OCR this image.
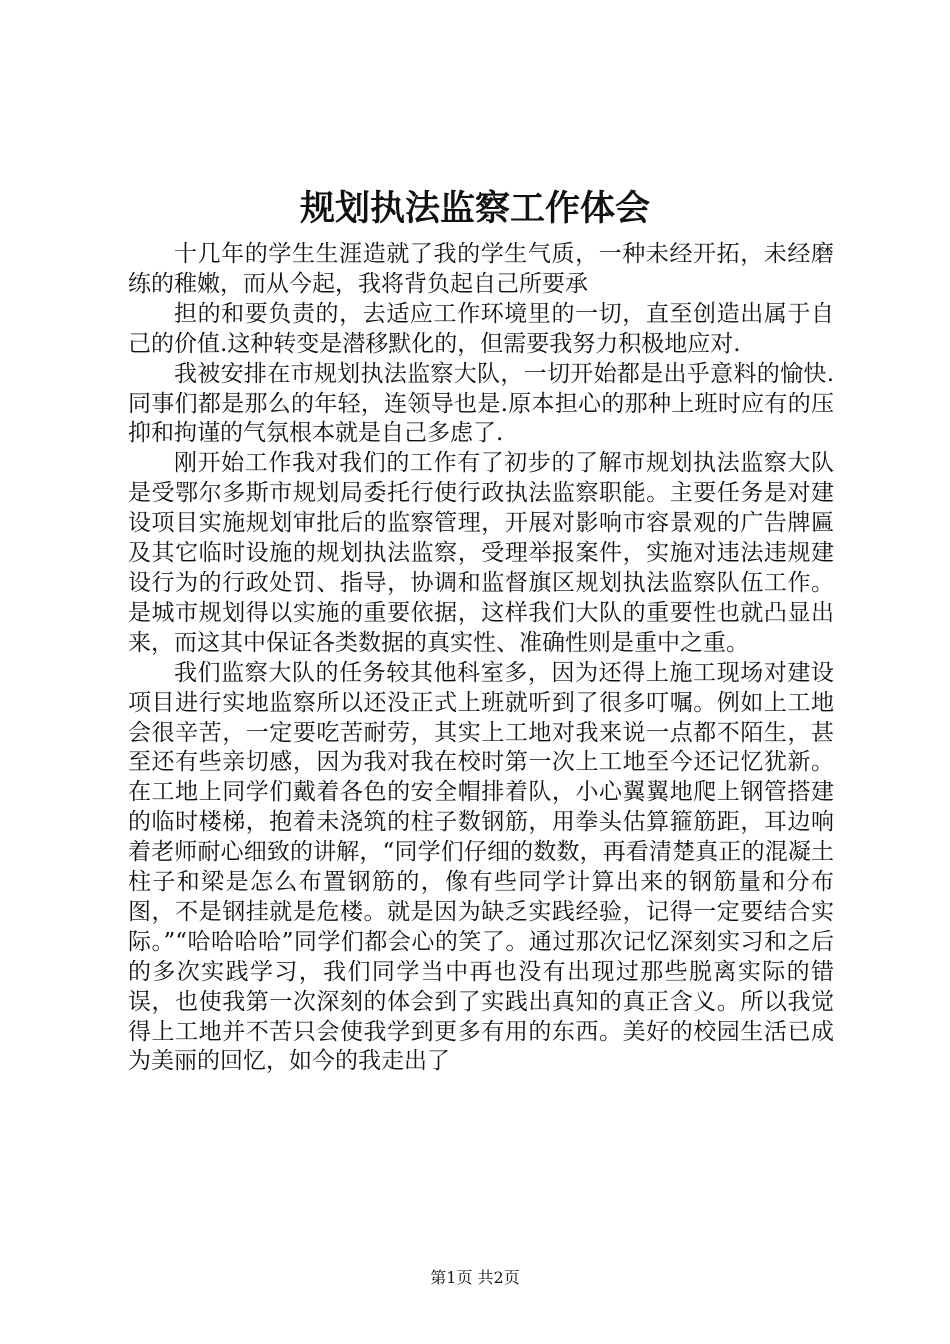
规划执法监察工作体会

十几年的学生生涯造就了我的学生气质，一种未经开拓，未经磨练的稚嫩，而从今起，我将背负起自己所要承

担的和要负责的，去适应工作环境里的一切，直至创造出属于自己的价值.这种转变是潜移默化的，但需要我努力积极地应对.

我被安排在市规划执法监察大队，一切开始都是出乎意料的愉快.同事们都是那么的年轻，连领导也是.原本担心的那种上班时应有的压抑和拘谨的气氛根本就是自己多虑了.

刚开始工作我对我们的工作有了初步的了解市规划执法监察大队是受鄂尔多斯市规划局委托行使行政执法监察职能。主要任务是对建设项目实施规划审批后的监察管理，开展对影响市容景观的广告牌匾及其它临时设施的规划执法监察，受理举报案件，实施对违法违规建设行为的行政处罚、指导，协调和监督旗区规划执法监察队伍工作。是城市规划得以实施的重要依据，这样我们大队的重要性也就凸显出来，而这其中保证各类数据的真实性、准确性则是重中之重。

我们监察大队的任务较其他科室多，因为还得上施工现场对建设项目进行实地监察所以还没正式上班就听到了很多叮嘱。例如上工地会很辛苦，一定要吃苦耐劳，其实上工地对我来说一点都不陌生，甚至还有些亲切感，因为我对我在校时第一次上工地至今还记忆犹新。在工地上同学们戴着各色的安全帽排着队，小心翼翼地爬上钢管搭建的临时楼梯，抱着未浇筑的柱子数钢筋，用拳头估算箍筋距，耳边响着老师耐心细致的讲解，“同学们仔细的数数，再看清楚真正的混凝土柱子和梁是怎么布置钢筋的，像有些同学计算出来的钢筋量和分布图，不是钢挂就是危楼。就是因为缺乏实践经验，记得一定要结合实际。”“哈哈哈哈”同学们都会心的笑了。通过那次记忆深刻实习和之后的多次实践学习，我们同学当中再也没有出现过那些脱离实际的错误，也使我第一次深刻的体会到了实践出真知的真正含义。所以我觉得上工地并不苦只会使我学到更多有用的东西。美好的校园生活已成为美丽的回忆，如今的我走出了

第1页 共2页
